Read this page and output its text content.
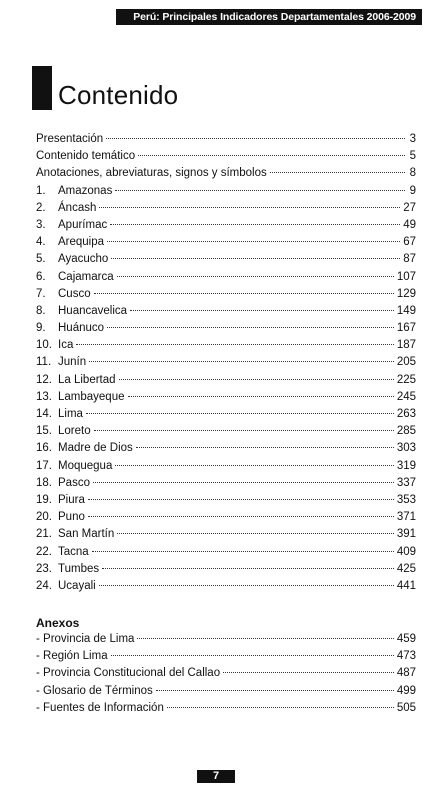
Perú: Principales Indicadores Departamentales 2006-2009
Contenido
Presentación	3
Contenido temático	5
Anotaciones, abreviaturas, signos y símbolos	8
1.	Amazonas	9
2.	Áncash	27
3.	Apurímac	49
4.	Arequipa	67
5.	Ayacucho	87
6.	Cajamarca	107
7.	Cusco	129
8.	Huancavelica	149
9.	Huánuco	167
10. Ica	187
11. Junín	205
12. La Libertad	225
13. Lambayeque	245
14. Lima	263
15. Loreto	285
16. Madre de Dios	303
17. Moquegua	319
18. Pasco	337
19. Piura	353
20. Puno	371
21. San Martín	391
22. Tacna	409
23. Tumbes	425
24. Ucayali	441
Anexos
- Provincia de Lima	459
- Región Lima	473
- Provincia Constitucional del Callao	487
- Glosario de Términos	499
- Fuentes de Información	505
7
